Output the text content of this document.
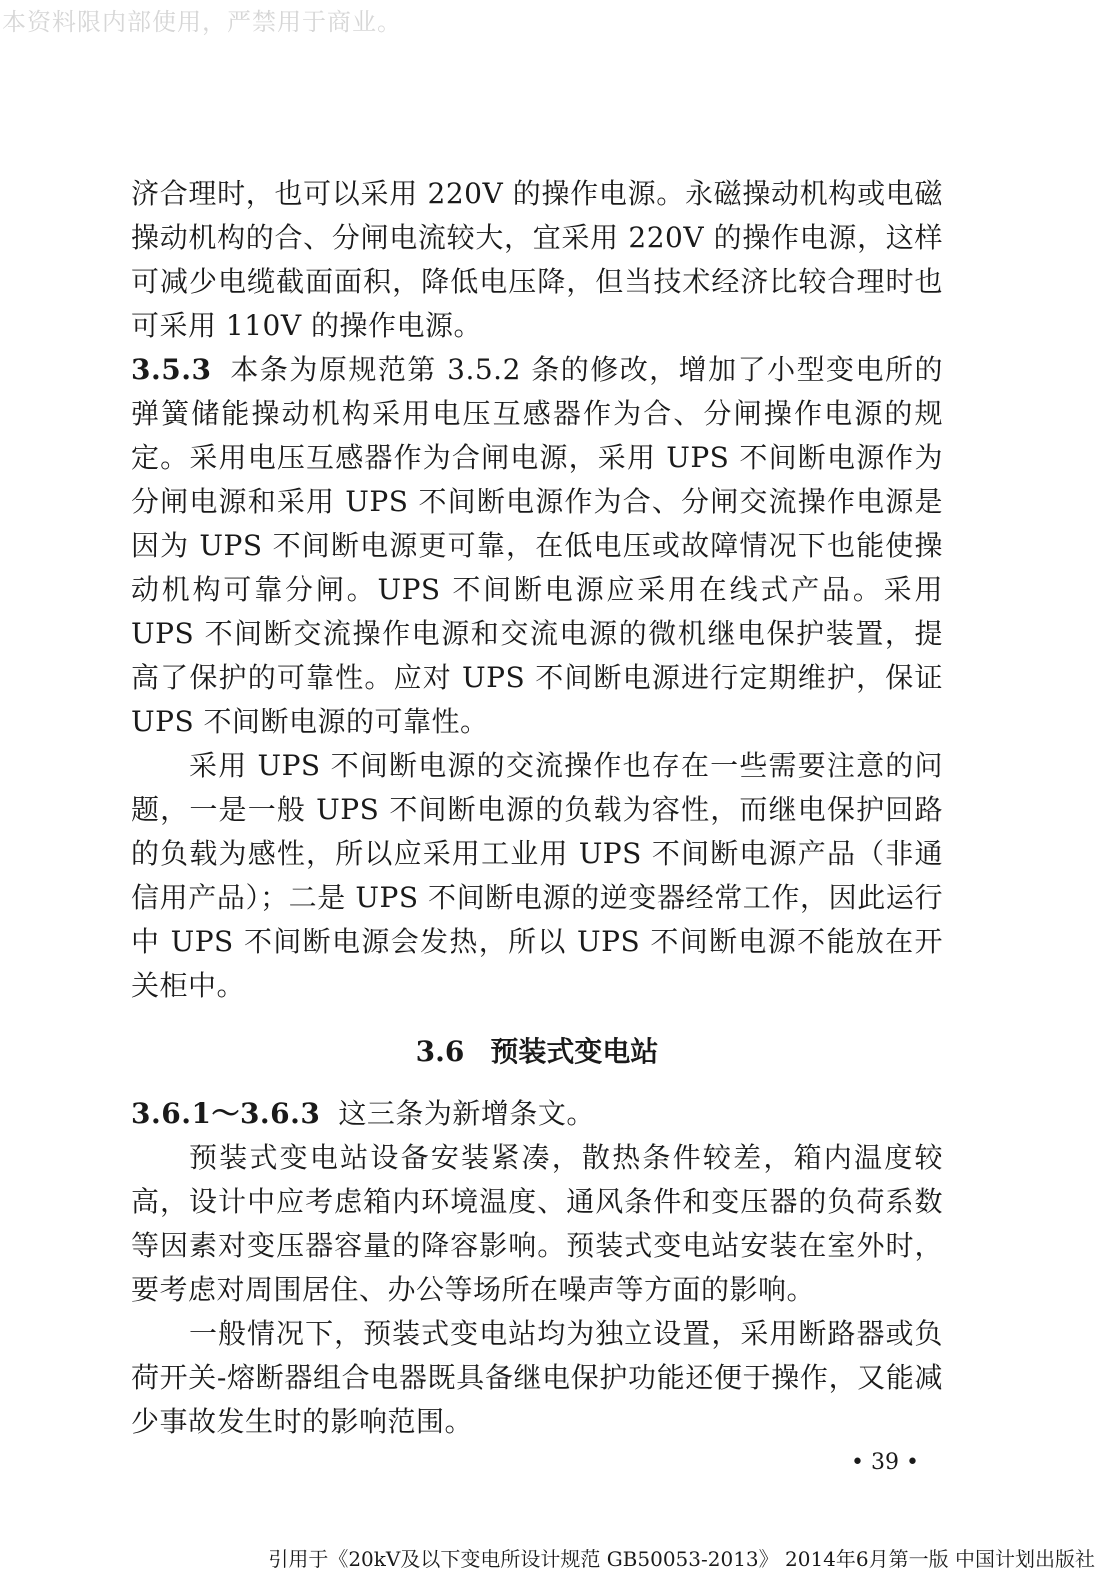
本资料限内部使用，严禁用于商业。

济合理时，也可以采用 220V 的操作电源。永磁操动机构或电磁操动机构的合、分闸电流较大，宜采用 220V 的操作电源，这样可减少电缆截面面积，降低电压降，但当技术经济比较合理时也可采用 110V 的操作电源。

3.5.3 本条为原规范第 3.5.2 条的修改，增加了小型变电所的弹簧储能操动机构采用电压互感器作为合、分闸操作电源的规定。采用电压互感器作为合闸电源，采用 UPS 不间断电源作为分闸电源和采用 UPS 不间断电源作为合、分闸交流操作电源是因为 UPS 不间断电源更可靠，在低电压或故障情况下也能使操动机构可靠分闸。UPS 不间断电源应采用在线式产品。采用 UPS 不间断交流操作电源和交流电源的微机继电保护装置，提高了保护的可靠性。应对 UPS 不间断电源进行定期维护，保证 UPS 不间断电源的可靠性。

采用 UPS 不间断电源的交流操作也存在一些需要注意的问题，一是一般 UPS 不间断电源的负载为容性，而继电保护回路的负载为感性，所以应采用工业用 UPS 不间断电源产品（非通信用产品）；二是 UPS 不间断电源的逆变器经常工作，因此运行中 UPS 不间断电源会发热，所以 UPS 不间断电源不能放在开关柜中。

3.6 预装式变电站

3.6.1～3.6.3 这三条为新增条文。

预装式变电站设备安装紧凑，散热条件较差，箱内温度较高，设计中应考虑箱内环境温度、通风条件和变压器的负荷系数等因素对变压器容量的降容影响。预装式变电站安装在室外时，要考虑对周围居住、办公等场所在噪声等方面的影响。

一般情况下，预装式变电站均为独立设置，采用断路器或负荷开关-熔断器组合电器既具备继电保护功能还便于操作，又能减少事故发生时的影响范围。

• 39 •
引用于《20kV及以下变电所设计规范 GB50053-2013》 2014年6月第一版 中国计划出版社
